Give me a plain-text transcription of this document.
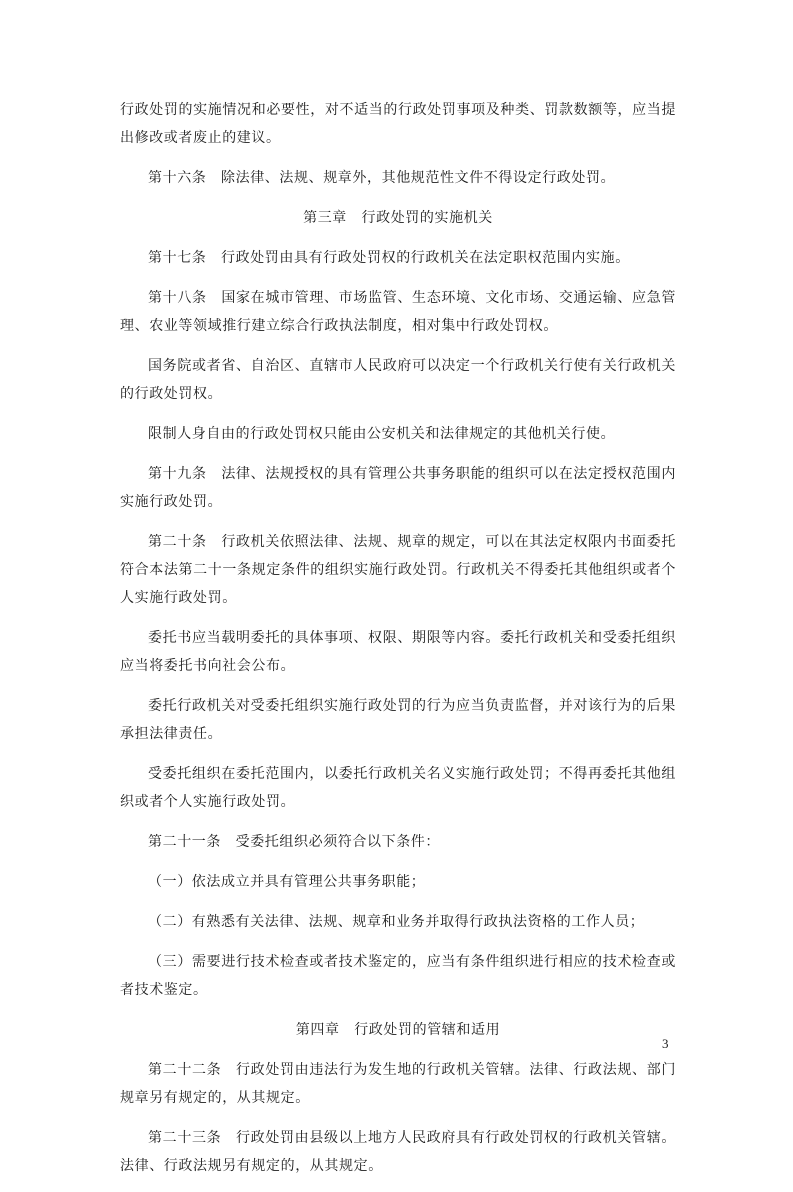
行政处罚的实施情况和必要性，对不适当的行政处罚事项及种类、罚款数额等，应当提出修改或者废止的建议。

第十六条　除法律、法规、规章外，其他规范性文件不得设定行政处罚。

第三章　行政处罚的实施机关

第十七条　行政处罚由具有行政处罚权的行政机关在法定职权范围内实施。

第十八条　国家在城市管理、市场监管、生态环境、文化市场、交通运输、应急管理、农业等领域推行建立综合行政执法制度，相对集中行政处罚权。

国务院或者省、自治区、直辖市人民政府可以决定一个行政机关行使有关行政机关的行政处罚权。

限制人身自由的行政处罚权只能由公安机关和法律规定的其他机关行使。

第十九条　法律、法规授权的具有管理公共事务职能的组织可以在法定授权范围内实施行政处罚。

第二十条　行政机关依照法律、法规、规章的规定，可以在其法定权限内书面委托符合本法第二十一条规定条件的组织实施行政处罚。行政机关不得委托其他组织或者个人实施行政处罚。

委托书应当载明委托的具体事项、权限、期限等内容。委托行政机关和受委托组织应当将委托书向社会公布。

委托行政机关对受委托组织实施行政处罚的行为应当负责监督，并对该行为的后果承担法律责任。

受委托组织在委托范围内，以委托行政机关名义实施行政处罚；不得再委托其他组织或者个人实施行政处罚。

第二十一条　受委托组织必须符合以下条件：

（一）依法成立并具有管理公共事务职能；

（二）有熟悉有关法律、法规、规章和业务并取得行政执法资格的工作人员；

（三）需要进行技术检查或者技术鉴定的，应当有条件组织进行相应的技术检查或者技术鉴定。

第四章　行政处罚的管辖和适用

第二十二条　行政处罚由违法行为发生地的行政机关管辖。法律、行政法规、部门规章另有规定的，从其规定。

第二十三条　行政处罚由县级以上地方人民政府具有行政处罚权的行政机关管辖。法律、行政法规另有规定的，从其规定。

3
